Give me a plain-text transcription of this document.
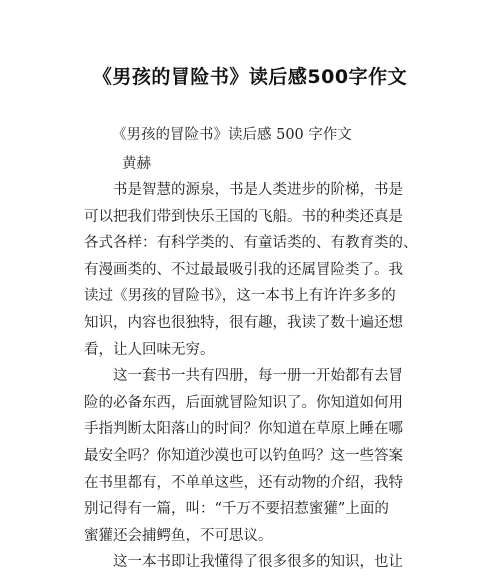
《男孩的冒险书》读后感500字作文
《男孩的冒险书》读后感 500 字作文
黄赫
　　书是智慧的源泉，书是人类进步的阶梯，书是
可以把我们带到快乐王国的飞船。书的种类还真是
各式各样：有科学类的、有童话类的、有教育类的、
有漫画类的、不过最最吸引我的还属冒险类了。我
读过《男孩的冒险书》，这一本书上有许许多多的
知识，内容也很独特，很有趣，我读了数十遍还想
看，让人回味无穷。
　　这一套书一共有四册，每一册一开始都有去冒
险的必备东西，后面就冒险知识了。你知道如何用
手指判断太阳落山的时间？你知道在草原上睡在哪
最安全吗？你知道沙漠也可以钓鱼吗？这一些答案
在书里都有，不单单这些，还有动物的介绍，我特
别记得有一篇，叫：“千万不要招惹蜜獾”上面的
蜜獾还会捕鳄鱼，不可思议。
　　这一本书即让我懂得了很多很多的知识，也让
